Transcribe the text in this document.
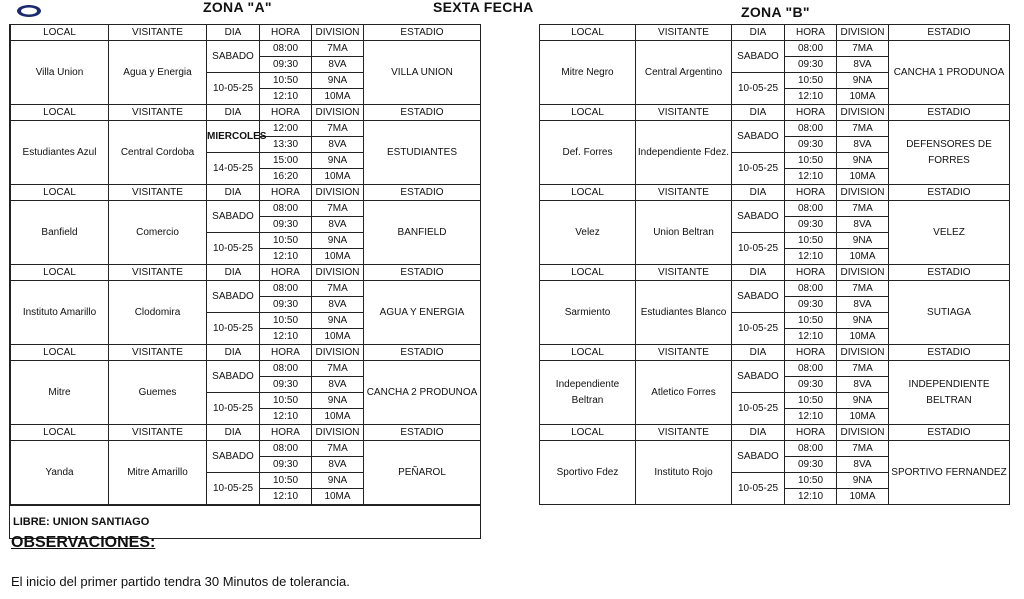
ZONA "A"	SEXTA FECHA	ZONA "B"
LOCAL	VISITANTE	DIA	HORA	DIVISION	ESTADIO
Villa Union	Agua y Energia	SABADO	08:00	7MA	VILLA UNION
			09:30	8VA	
		10-05-25	10:50	9NA	
			12:10	10MA	
LOCAL	VISITANTE	DIA	HORA	DIVISION	ESTADIO
Estudiantes Azul	Central Cordoba	MIERCOLES	12:00	7MA	ESTUDIANTES
			13:30	8VA	
		14-05-25	15:00	9NA	
			16:20	10MA	
LOCAL	VISITANTE	DIA	HORA	DIVISION	ESTADIO
Banfield	Comercio	SABADO	08:00	7MA	BANFIELD
			09:30	8VA	
		10-05-25	10:50	9NA	
			12:10	10MA	
LOCAL	VISITANTE	DIA	HORA	DIVISION	ESTADIO
Instituto Amarillo	Clodomira	SABADO	08:00	7MA	AGUA Y ENERGIA
			09:30	8VA	
		10-05-25	10:50	9NA	
			12:10	10MA	
LOCAL	VISITANTE	DIA	HORA	DIVISION	ESTADIO
Mitre	Guemes	SABADO	08:00	7MA	CANCHA 2 PRODUNOA
			09:30	8VA	
		10-05-25	10:50	9NA	
			12:10	10MA	
LOCAL	VISITANTE	DIA	HORA	DIVISION	ESTADIO
Yanda	Mitre Amarillo	SABADO	08:00	7MA	PEÑAROL
			09:30	8VA	
		10-05-25	10:50	9NA	
			12:10	10MA	
LIBRE: UNION SANTIAGO
LOCAL	VISITANTE	DIA	HORA	DIVISION	ESTADIO
Mitre Negro	Central Argentino	SABADO	08:00	7MA	CANCHA 1 PRODUNOA
			09:30	8VA	
		10-05-25	10:50	9NA	
			12:10	10MA	
LOCAL	VISITANTE	DIA	HORA	DIVISION	ESTADIO
Def. Forres	Independiente Fdez.	SABADO	08:00	7MA	DEFENSORES DE FORRES
			09:30	8VA	
		10-05-25	10:50	9NA	
			12:10	10MA	
LOCAL	VISITANTE	DIA	HORA	DIVISION	ESTADIO
Velez	Union Beltran	SABADO	08:00	7MA	VELEZ
			09:30	8VA	
		10-05-25	10:50	9NA	
			12:10	10MA	
LOCAL	VISITANTE	DIA	HORA	DIVISION	ESTADIO
Sarmiento	Estudiantes Blanco	SABADO	08:00	7MA	SUTIAGA
			09:30	8VA	
		10-05-25	10:50	9NA	
			12:10	10MA	
LOCAL	VISITANTE	DIA	HORA	DIVISION	ESTADIO
Independiente Beltran	Atletico Forres	SABADO	08:00	7MA	INDEPENDIENTE BELTRAN
			09:30	8VA	
		10-05-25	10:50	9NA	
			12:10	10MA	
LOCAL	VISITANTE	DIA	HORA	DIVISION	ESTADIO
Sportivo Fdez	Instituto Rojo	SABADO	08:00	7MA	SPORTIVO FERNANDEZ
			09:30	8VA	
		10-05-25	10:50	9NA	
			12:10	10MA	
OBSERVACIONES:
El inicio del primer partido tendra 30 Minutos de tolerancia.
